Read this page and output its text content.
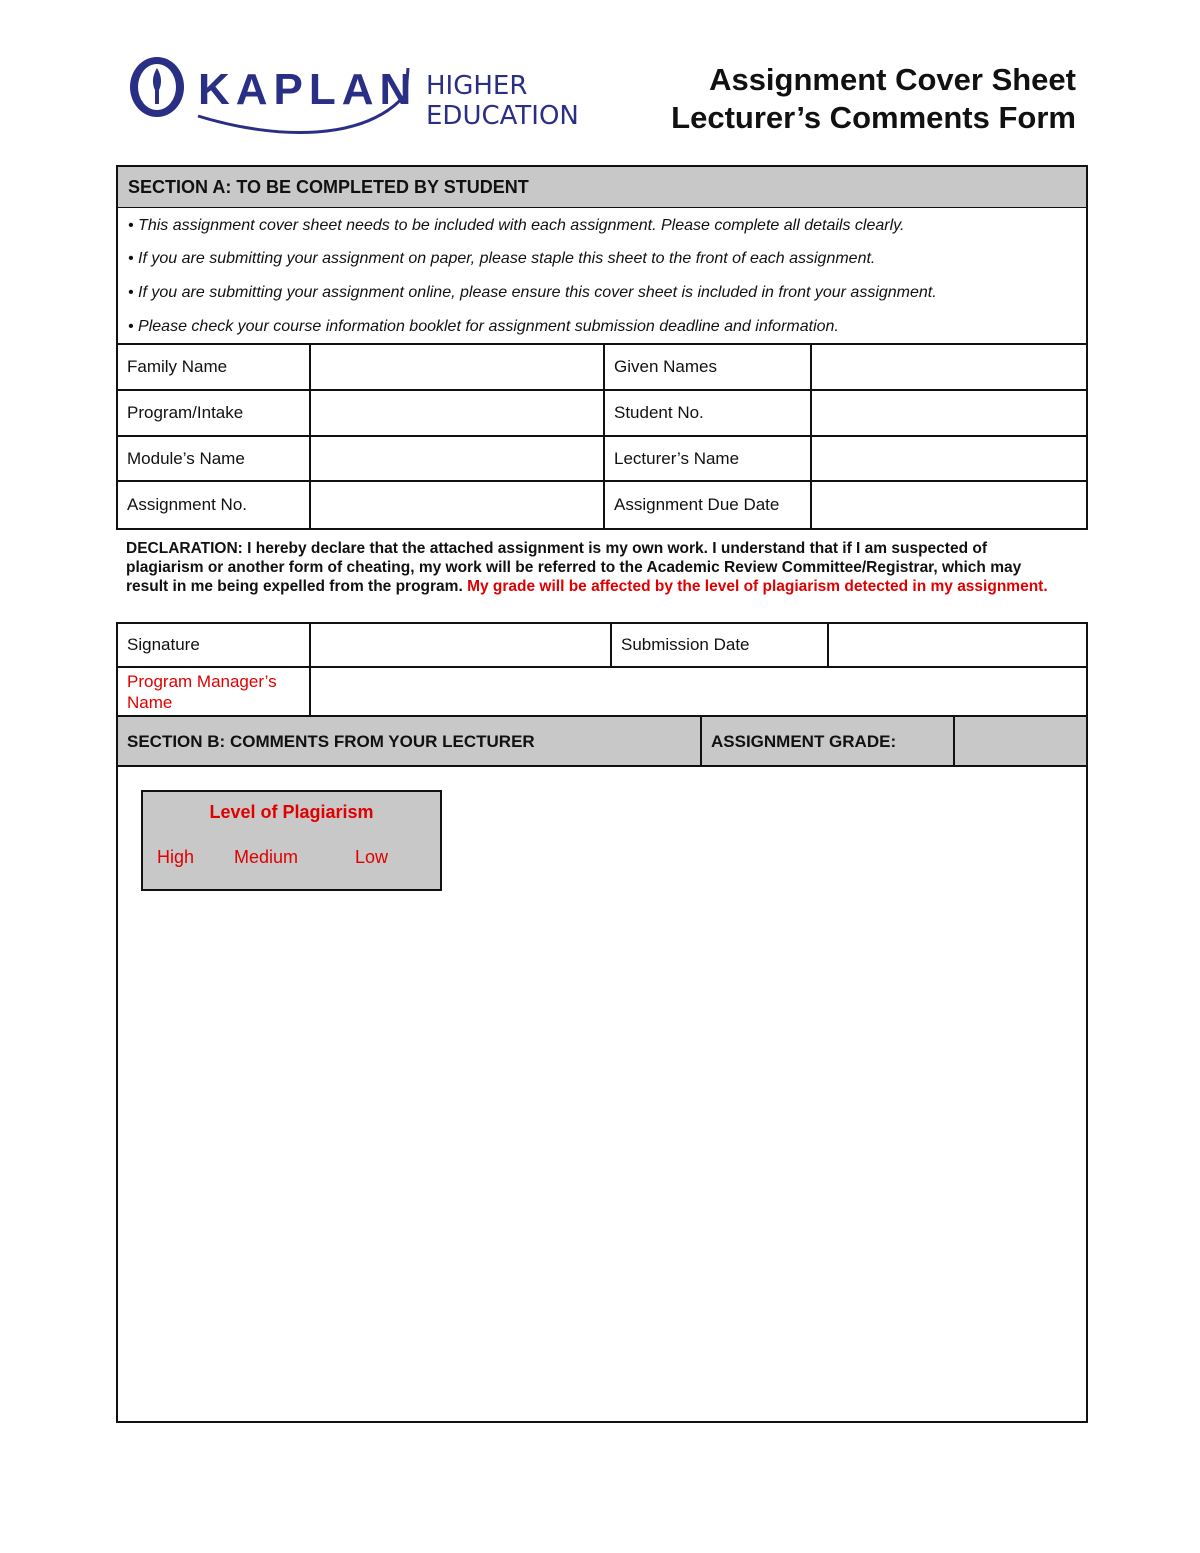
KAPLAN HIGHER
EDUCATION
Assignment Cover Sheet
Lecturer’s Comments Form
SECTION A: TO BE COMPLETED BY STUDENT
• This assignment cover sheet needs to be included with each assignment. Please complete all details clearly.
• If you are submitting your assignment on paper, please staple this sheet to the front of each assignment.
• If you are submitting your assignment online, please ensure this cover sheet is included in front your assignment.
• Please check your course information booklet for assignment submission deadline and information.
Family Name	Given Names
Program/Intake	Student No.
Module’s Name	Lecturer’s Name
Assignment No.	Assignment Due Date
DECLARATION: I hereby declare that the attached assignment is my own work. I understand that if I am suspected of plagiarism or another form of cheating, my work will be referred to the Academic Review Committee/Registrar, which may result in me being expelled from the program. My grade will be affected by the level of plagiarism detected in my assignment.
Signature	Submission Date
Program Manager’s Name
SECTION B: COMMENTS FROM YOUR LECTURER	ASSIGNMENT GRADE:
Level of Plagiarism
High Medium	Low
